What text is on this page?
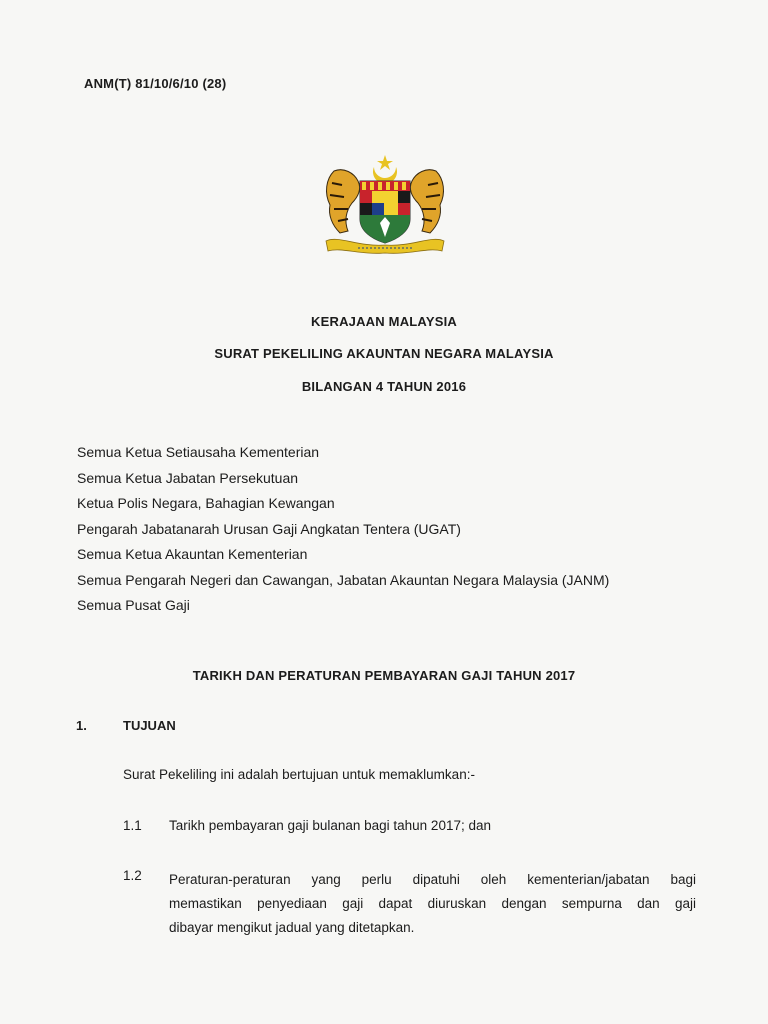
ANM(T) 81/10/6/10 (28)
KERAJAAN MALAYSIA
SURAT PEKELILING AKAUNTAN NEGARA MALAYSIA
BILANGAN 4 TAHUN 2016
Semua Ketua Setiausaha Kementerian
Semua Ketua Jabatan Persekutuan
Ketua Polis Negara, Bahagian Kewangan
Pengarah Jabatanarah Urusan Gaji Angkatan Tentera (UGAT)
Semua Ketua Akauntan Kementerian
Semua Pengarah Negeri dan Cawangan, Jabatan Akauntan Negara Malaysia (JANM)
Semua Pusat Gaji
TARIKH DAN PERATURAN PEMBAYARAN GAJI TAHUN 2017
1.	TUJUAN
Surat Pekeliling ini adalah bertujuan untuk memaklumkan:-
1.1 Tarikh pembayaran gaji bulanan bagi tahun 2017; dan
1.2 Peraturan-peraturan yang perlu dipatuhi oleh kementerian/jabatan bagi
memastikan penyediaan gaji dapat diuruskan dengan sempurna dan gaji
dibayar mengikut jadual yang ditetapkan.
